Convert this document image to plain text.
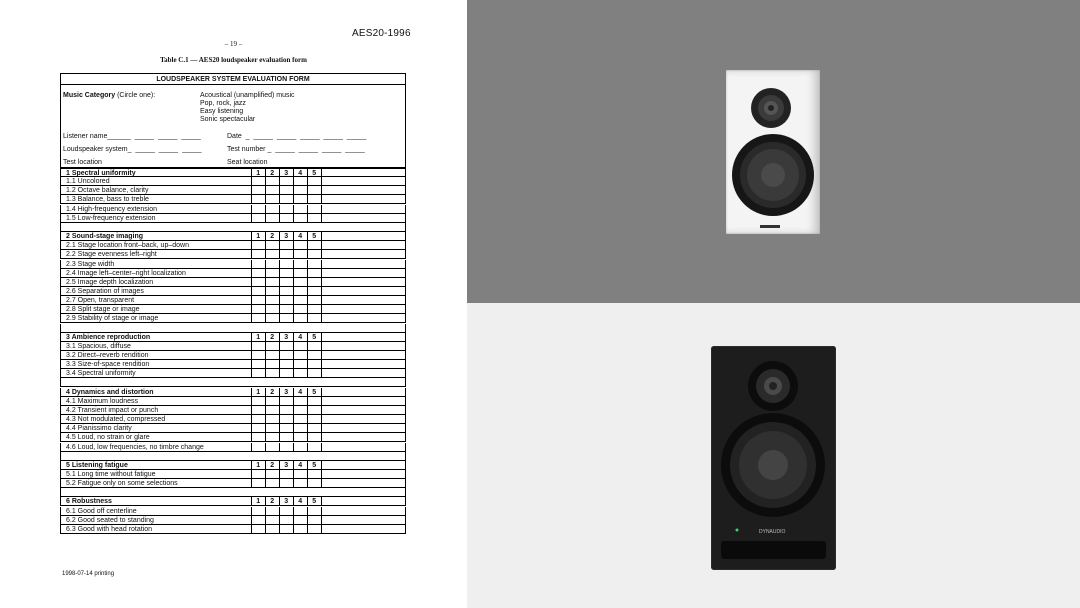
AES20-1996
– 19 –
Table C.1 — AES20 loudspeaker evaluation form
LOUDSPEAKER SYSTEM EVALUATION FORM
Music Category (Circle one):	Acoustical (unamplified) music
Pop, rock, jazz
Easy listening
Sonic spectacular
Listener name______  _____  _____  _____	Date  _  _____  _____  _____  _____  _____
Loudspeaker system_  _____  _____  _____	Test number _  _____  _____  _____  _____
Test location	Seat location
1 Spectral uniformity	1	2	3	4	5
1.1 Uncolored
1.2 Octave balance, clarity
1.3 Balance, bass to treble
1.4 High-frequency extension
1.5 Low-frequency extension
2 Sound-stage imaging	1	2	3	4	5
2.1 Stage location front–back, up–down
2.2 Stage evenness left–right
2.3 Stage width
2.4 Image left–center–right localization
2.5 Image depth localization
2.6 Separation of images
2.7 Open, transparent
2.8 Split stage or image
2.9 Stability of stage or image
3 Ambience reproduction	1	2	3	4	5
3.1 Spacious, diffuse
3.2 Direct–reverb rendition
3.3 Size-of-space rendition
3.4 Spectral uniformity
4 Dynamics and distortion	1	2	3	4	5
4.1 Maximum loudness
4.2 Transient impact or punch
4.3 Not modulated, compressed
4.4 Pianissimo clarity
4.5 Loud, no strain or glare
4.6 Loud, low frequencies, no timbre change
5 Listening fatigue	1	2	3	4	5
5.1 Long time without fatigue
5.2 Fatigue only on some selections
6 Robustness	1	2	3	4	5
6.1 Good off centerline
6.2 Good seated to standing
6.3 Good with head rotation
1998-07-14 printing
DYNAUDIO
